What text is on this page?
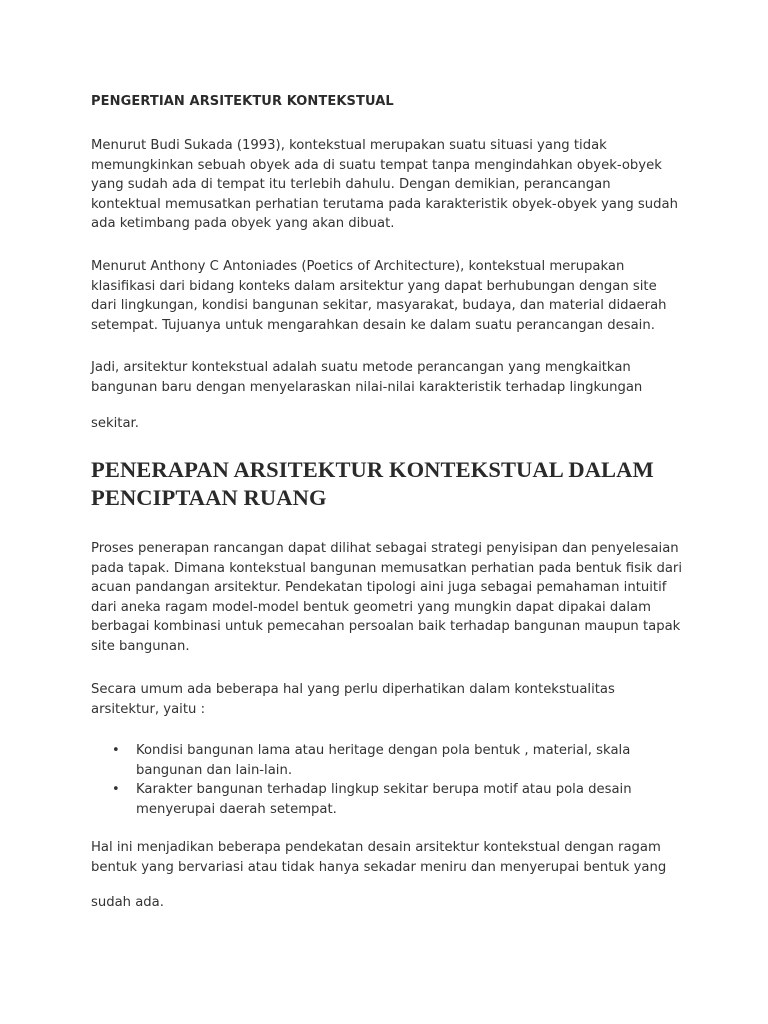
PENGERTIAN ARSITEKTUR KONTEKSTUAL

Menurut Budi Sukada (1993), kontekstual merupakan suatu situasi yang tidak memungkinkan sebuah obyek ada di suatu tempat tanpa mengindahkan obyek-obyek yang sudah ada di tempat itu terlebih dahulu. Dengan demikian, perancangan kontektual memusatkan perhatian terutama pada karakteristik obyek-obyek yang sudah ada ketimbang pada obyek yang akan dibuat.

Menurut Anthony C Antoniades (Poetics of Architecture), kontekstual merupakan klasifikasi dari bidang konteks dalam arsitektur yang dapat berhubungan dengan site dari lingkungan, kondisi bangunan sekitar, masyarakat, budaya, dan material didaerah setempat. Tujuanya untuk mengarahkan desain ke dalam suatu perancangan desain.

Jadi, arsitektur kontekstual adalah suatu metode perancangan yang mengkaitkan bangunan baru dengan menyelaraskan nilai-nilai karakteristik terhadap lingkungan

sekitar.

PENERAPAN ARSITEKTUR KONTEKSTUAL DALAM PENCIPTAAN RUANG

Proses penerapan rancangan dapat dilihat sebagai strategi penyisipan dan penyelesaian pada tapak. Dimana kontekstual bangunan memusatkan perhatian pada bentuk fisik dari acuan pandangan arsitektur. Pendekatan tipologi aini juga sebagai pemahaman intuitif dari aneka ragam model-model bentuk geometri yang mungkin dapat dipakai dalam berbagai kombinasi untuk pemecahan persoalan baik terhadap bangunan maupun tapak site bangunan.

Secara umum ada beberapa hal yang perlu diperhatikan dalam kontekstualitas arsitektur, yaitu :

• Kondisi bangunan lama atau heritage dengan pola bentuk , material, skala bangunan dan lain-lain.
• Karakter bangunan terhadap lingkup sekitar berupa motif atau pola desain menyerupai daerah setempat.

Hal ini menjadikan beberapa pendekatan desain arsitektur kontekstual dengan ragam bentuk yang bervariasi atau tidak hanya sekadar meniru dan menyerupai bentuk yang

sudah ada.
